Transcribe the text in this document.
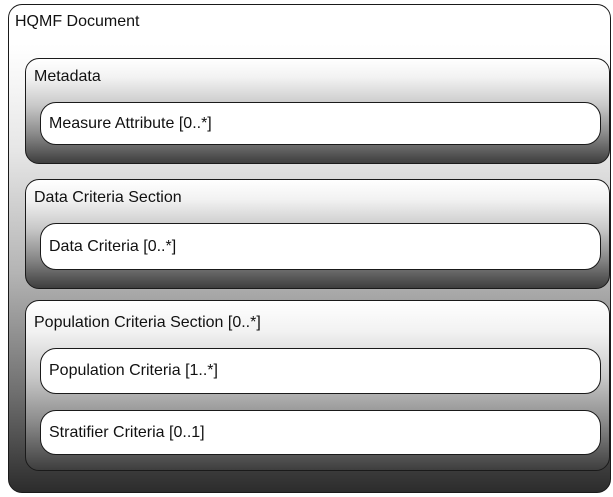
HQMF Document
Metadata
Measure Attribute [0..*]
Data Criteria Section
Data Criteria [0..*]
Population Criteria Section [0..*]
Population Criteria [1..*]
Stratifier Criteria [0..1]
